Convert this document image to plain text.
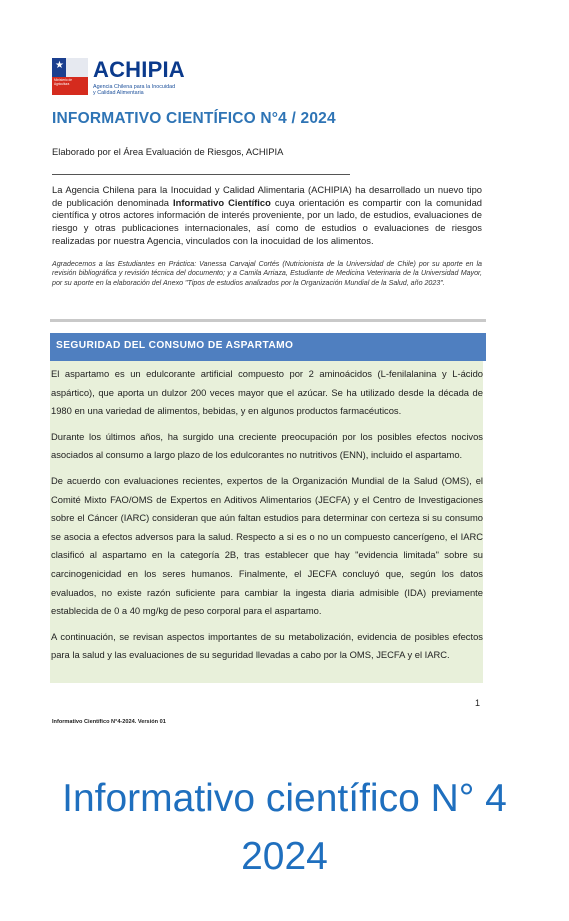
★
Ministerio de Agricultura
ACHIPIA
Agencia Chilena para la Inocuidad
y Calidad Alimentaria
INFORMATIVO CIENTÍFICO N°4 / 2024
Elaborado por el Área Evaluación de Riesgos, ACHIPIA

La Agencia Chilena para la Inocuidad y Calidad Alimentaria (ACHIPIA) ha desarrollado un nuevo tipo de publicación denominada Informativo Científico cuya orientación es compartir con la comunidad científica y otros actores información de interés proveniente, por un lado, de estudios, evaluaciones de riesgo y otras publicaciones internacionales, así como de estudios o evaluaciones de riesgos realizadas por nuestra Agencia, vinculados con la inocuidad de los alimentos.

Agradecemos a las Estudiantes en Práctica: Vanessa Carvajal Cortés (Nutricionista de la Universidad de Chile) por su aporte en la revisión bibliográfica y revisión técnica del documento; y a Camila Arriaza, Estudiante de Medicina Veterinaria de la Universidad Mayor, por su aporte en la elaboración del Anexo "Tipos de estudios analizados por la Organización Mundial de la Salud, año 2023".

SEGURIDAD DEL CONSUMO DE ASPARTAMO

El aspartamo es un edulcorante artificial compuesto por 2 aminoácidos (L-fenilalanina y L-ácido aspártico), que aporta un dulzor 200 veces mayor que el azúcar. Se ha utilizado desde la década de 1980 en una variedad de alimentos, bebidas, y en algunos productos farmacéuticos.

Durante los últimos años, ha surgido una creciente preocupación por los posibles efectos nocivos asociados al consumo a largo plazo de los edulcorantes no nutritivos (ENN), incluido el aspartamo.

De acuerdo con evaluaciones recientes, expertos de la Organización Mundial de la Salud (OMS), el Comité Mixto FAO/OMS de Expertos en Aditivos Alimentarios (JECFA) y el Centro de Investigaciones sobre el Cáncer (IARC) consideran que aún faltan estudios para determinar con certeza si su consumo se asocia a efectos adversos para la salud. Respecto a si es o no un compuesto cancerígeno, el IARC clasificó al aspartamo en la categoría 2B, tras establecer que hay "evidencia limitada" sobre su carcinogenicidad en los seres humanos. Finalmente, el JECFA concluyó que, según los datos evaluados, no existe razón suficiente para cambiar la ingesta diaria admisible (IDA) previamente establecida de 0 a 40 mg/kg de peso corporal para el aspartamo.

A continuación, se revisan aspectos importantes de su metabolización, evidencia de posibles efectos para la salud y las evaluaciones de su seguridad llevadas a cabo por la OMS, JECFA y el IARC.

1
Informativo Científico N°4-2024. Versión 01
Informativo científico N° 4
2024
